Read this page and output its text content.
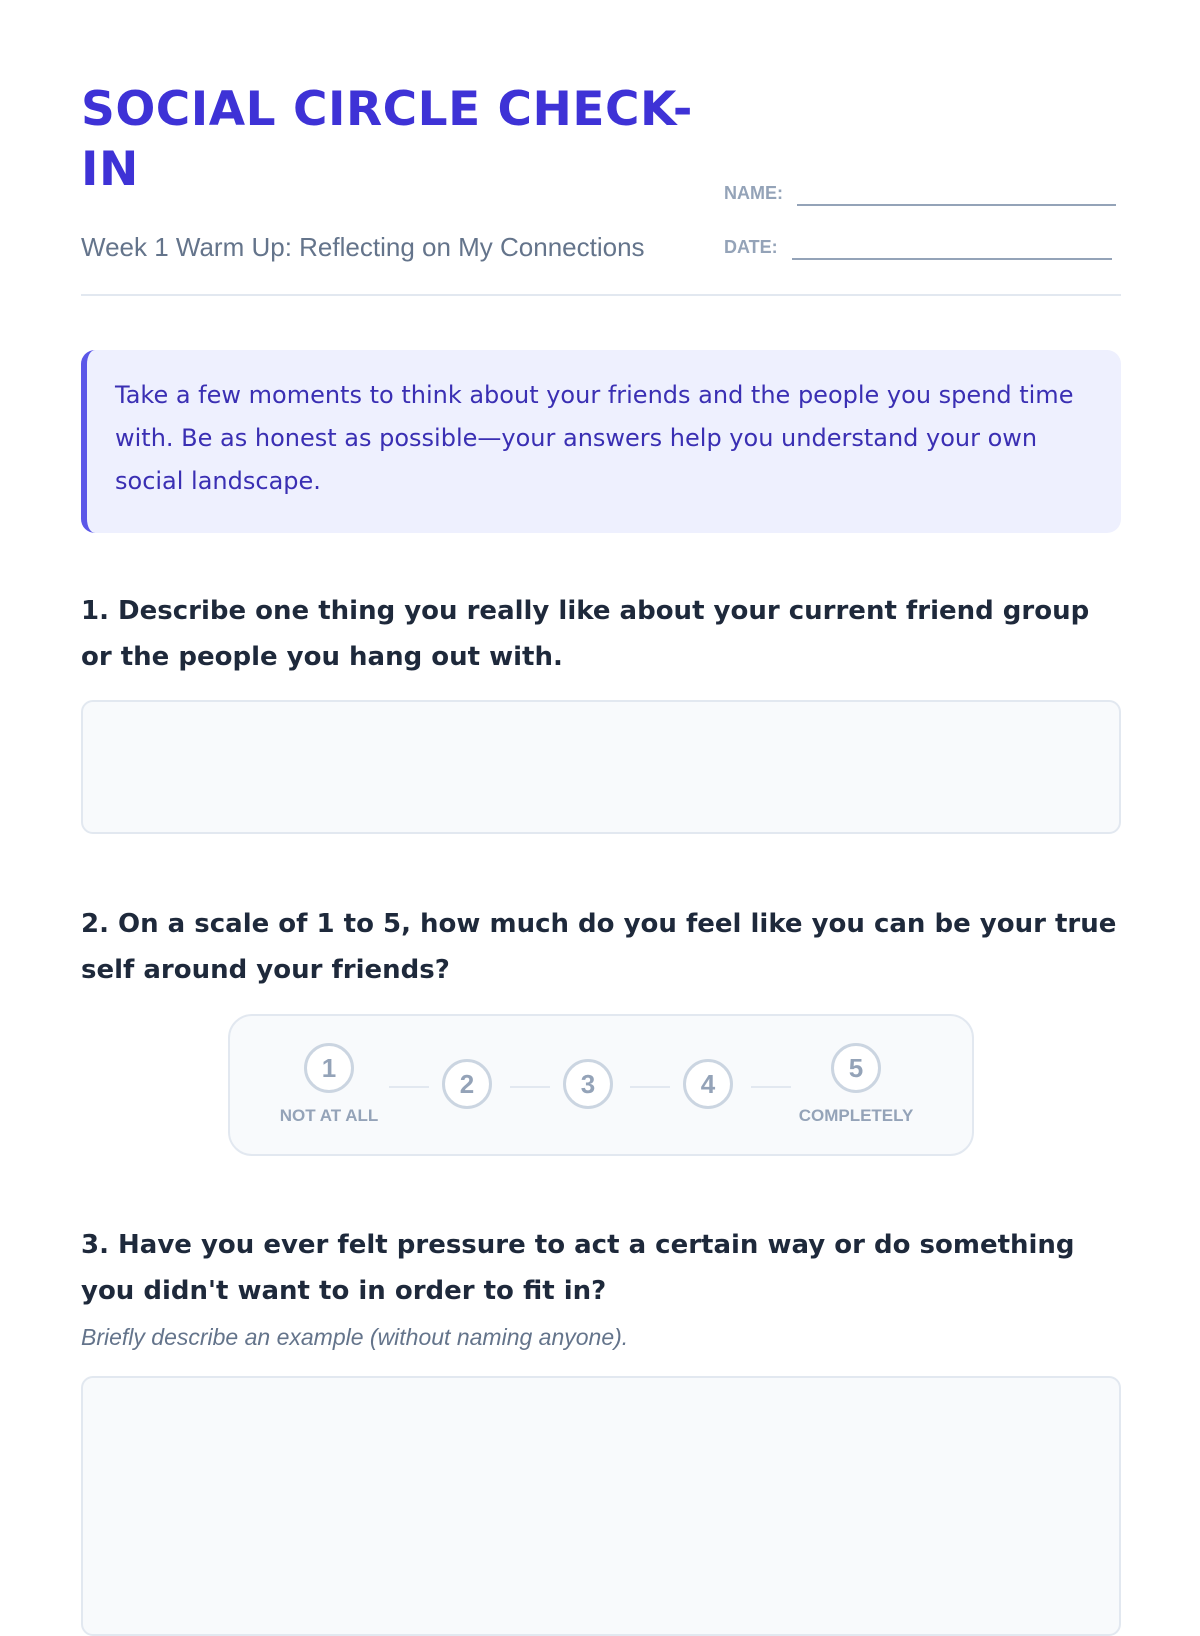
SOCIAL CIRCLE CHECK-IN	NAME:

Week 1 Warm Up: Reflecting on My Connections	DATE:
Take a few moments to think about your friends and the people you spend time with. Be as honest as possible—your answers help you understand your own social landscape.

1. Describe one thing you really like about your current friend group or the people you hang out with.

2. On a scale of 1 to 5, how much do you feel like you can be your true self around your friends?

1
2	3	4
5
NOT AT ALL	COMPLETELY

3. Have you ever felt pressure to act a certain way or do something you didn't want to in order to fit in?

Briefly describe an example (without naming anyone).
